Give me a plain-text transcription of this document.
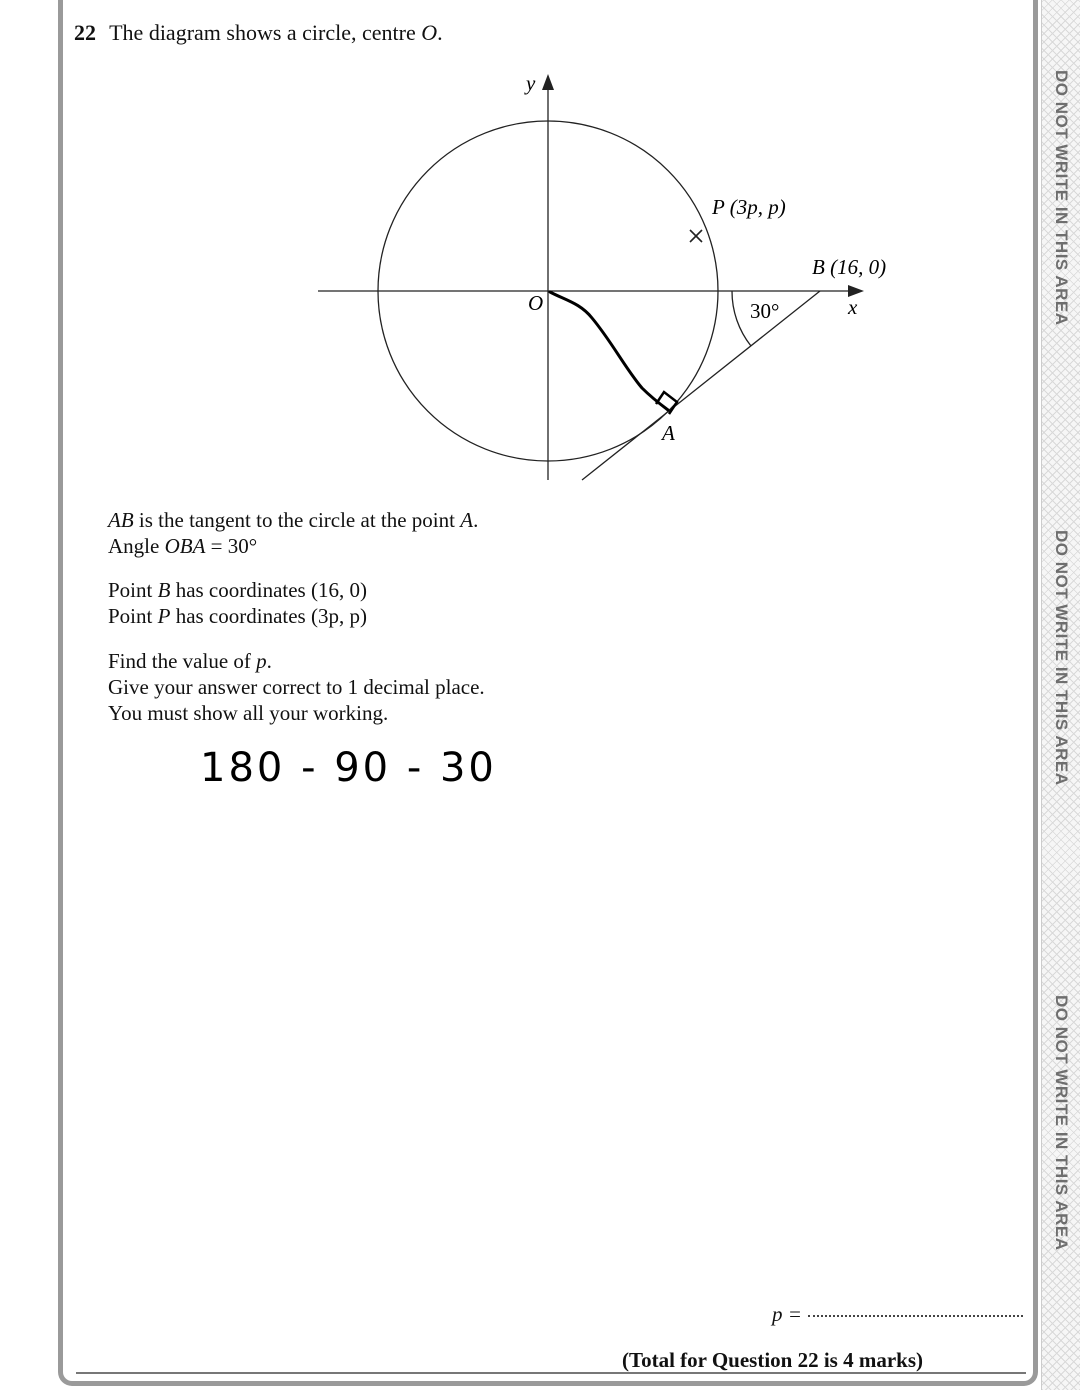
DO NOT WRITE IN THIS AREA
DO NOT WRITE IN THIS AREA
DO NOT WRITE IN THIS AREA
22 The diagram shows a circle, centre O.
y
x
O
P (3p, p)
B (16, 0)
A
30°
AB is the tangent to the circle at the point A.
Angle OBA = 30°
Point B has coordinates (16, 0)
Point P has coordinates (3p, p)
Find the value of p.
Give your answer correct to 1 decimal place.
You must show all your working.
180 - 90 - 30
p =
(Total for Question 22 is 4 marks)
